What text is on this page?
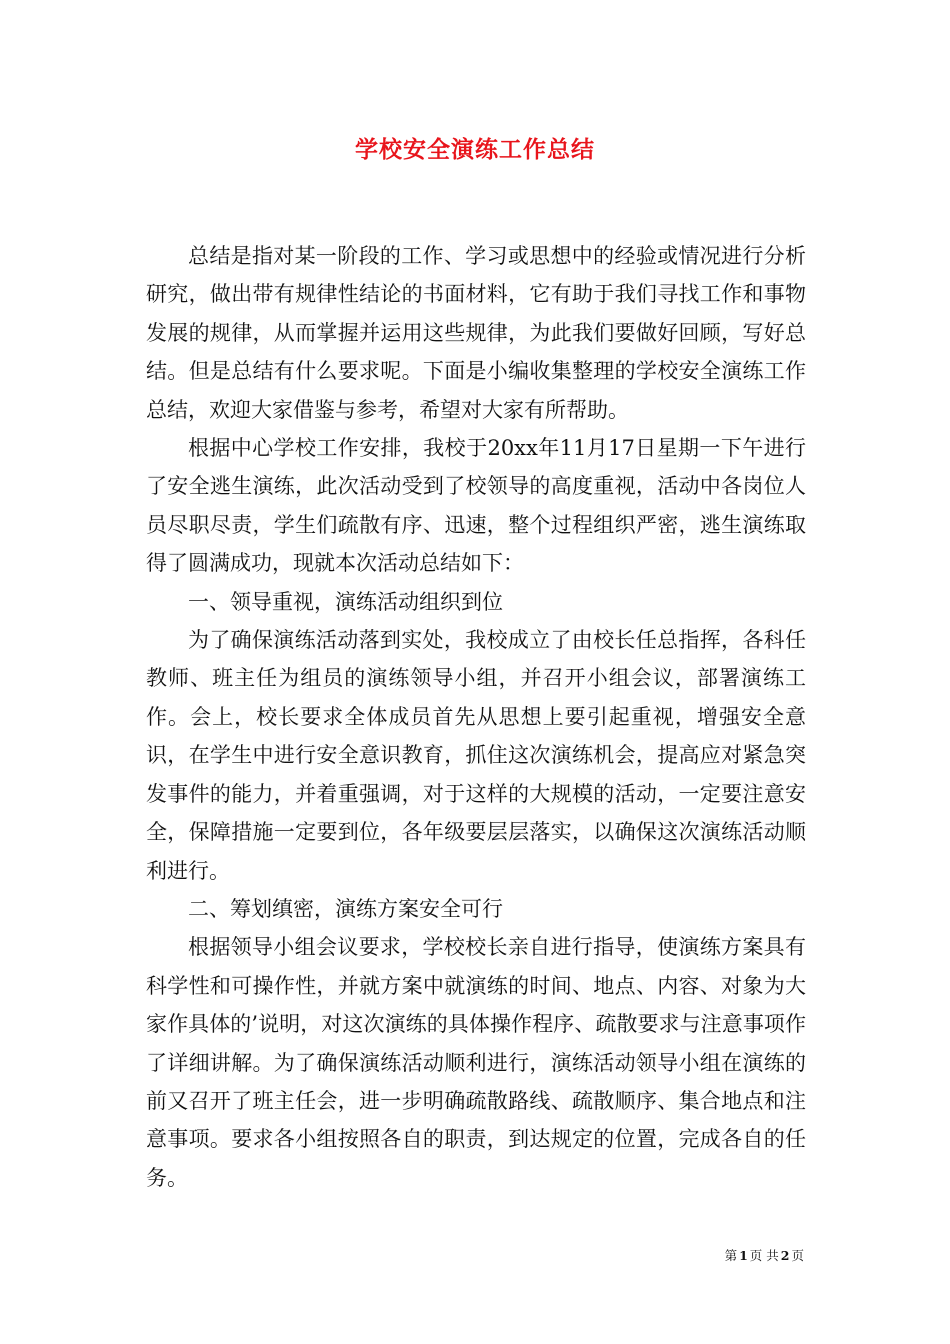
学校安全演练工作总结

总结是指对某一阶段的工作、学习或思想中的经验或情况进行分析研究，做出带有规律性结论的书面材料，它有助于我们寻找工作和事物发展的规律，从而掌握并运用这些规律，为此我们要做好回顾，写好总结。但是总结有什么要求呢。下面是小编收集整理的学校安全演练工作总结，欢迎大家借鉴与参考，希望对大家有所帮助。

根据中心学校工作安排，我校于20xx年11月17日星期一下午进行了安全逃生演练，此次活动受到了校领导的高度重视，活动中各岗位人员尽职尽责，学生们疏散有序、迅速，整个过程组织严密，逃生演练取得了圆满成功，现就本次活动总结如下：

一、领导重视，演练活动组织到位

为了确保演练活动落到实处，我校成立了由校长任总指挥，各科任教师、班主任为组员的演练领导小组，并召开小组会议，部署演练工作。会上，校长要求全体成员首先从思想上要引起重视，增强安全意识，在学生中进行安全意识教育，抓住这次演练机会，提高应对紧急突发事件的能力，并着重强调，对于这样的大规模的活动，一定要注意安全，保障措施一定要到位，各年级要层层落实，以确保这次演练活动顺利进行。

二、筹划缜密，演练方案安全可行

根据领导小组会议要求，学校校长亲自进行指导，使演练方案具有科学性和可操作性，并就方案中就演练的时间、地点、内容、对象为大家作具体的’说明，对这次演练的具体操作程序、疏散要求与注意事项作了详细讲解。为了确保演练活动顺利进行，演练活动领导小组在演练的前又召开了班主任会，进一步明确疏散路线、疏散顺序、集合地点和注意事项。要求各小组按照各自的职责，到达规定的位置，完成各自的任务。

第 1 页 共 2 页
